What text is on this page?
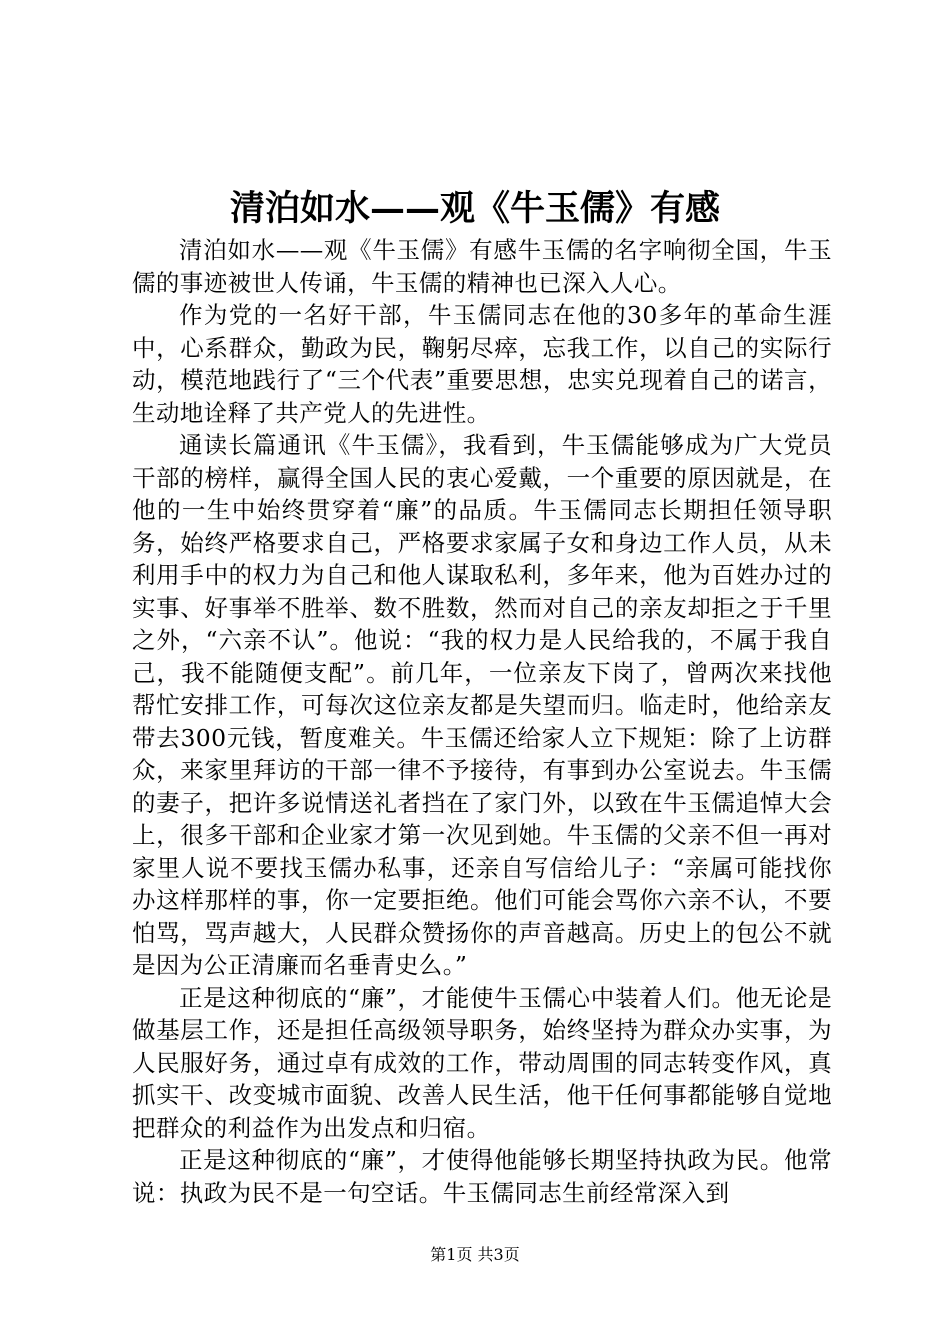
清泊如水——观《牛玉儒》有感

清泊如水——观《牛玉儒》有感牛玉儒的名字响彻全国，牛玉儒的事迹被世人传诵，牛玉儒的精神也已深入人心。

作为党的一名好干部，牛玉儒同志在他的30多年的革命生涯中，心系群众，勤政为民，鞠躬尽瘁，忘我工作，以自己的实际行动，模范地践行了“三个代表”重要思想，忠实兑现着自己的诺言，生动地诠释了共产党人的先进性。

通读长篇通讯《牛玉儒》，我看到，牛玉儒能够成为广大党员干部的榜样，赢得全国人民的衷心爱戴，一个重要的原因就是，在他的一生中始终贯穿着“廉”的品质。牛玉儒同志长期担任领导职务，始终严格要求自己，严格要求家属子女和身边工作人员，从未利用手中的权力为自己和他人谋取私利，多年来，他为百姓办过的实事、好事举不胜举、数不胜数，然而对自己的亲友却拒之于千里之外，“六亲不认”。他说：“我的权力是人民给我的，不属于我自己，我不能随便支配”。前几年，一位亲友下岗了，曾两次来找他帮忙安排工作，可每次这位亲友都是失望而归。临走时，他给亲友带去300元钱，暂度难关。牛玉儒还给家人立下规矩：除了上访群众，来家里拜访的干部一律不予接待，有事到办公室说去。牛玉儒的妻子，把许多说情送礼者挡在了家门外，以致在牛玉儒追悼大会上，很多干部和企业家才第一次见到她。牛玉儒的父亲不但一再对家里人说不要找玉儒办私事，还亲自写信给儿子：“亲属可能找你办这样那样的事，你一定要拒绝。他们可能会骂你六亲不认，不要怕骂，骂声越大，人民群众赞扬你的声音越高。历史上的包公不就是因为公正清廉而名垂青史么。”

正是这种彻底的“廉”，才能使牛玉儒心中装着人们。他无论是做基层工作，还是担任高级领导职务，始终坚持为群众办实事，为人民服好务，通过卓有成效的工作，带动周围的同志转变作风，真抓实干、改变城市面貌、改善人民生活，他干任何事都能够自觉地把群众的利益作为出发点和归宿。

正是这种彻底的“廉”，才使得他能够长期坚持执政为民。他常说：执政为民不是一句空话。牛玉儒同志生前经常深入到

第1页 共3页
